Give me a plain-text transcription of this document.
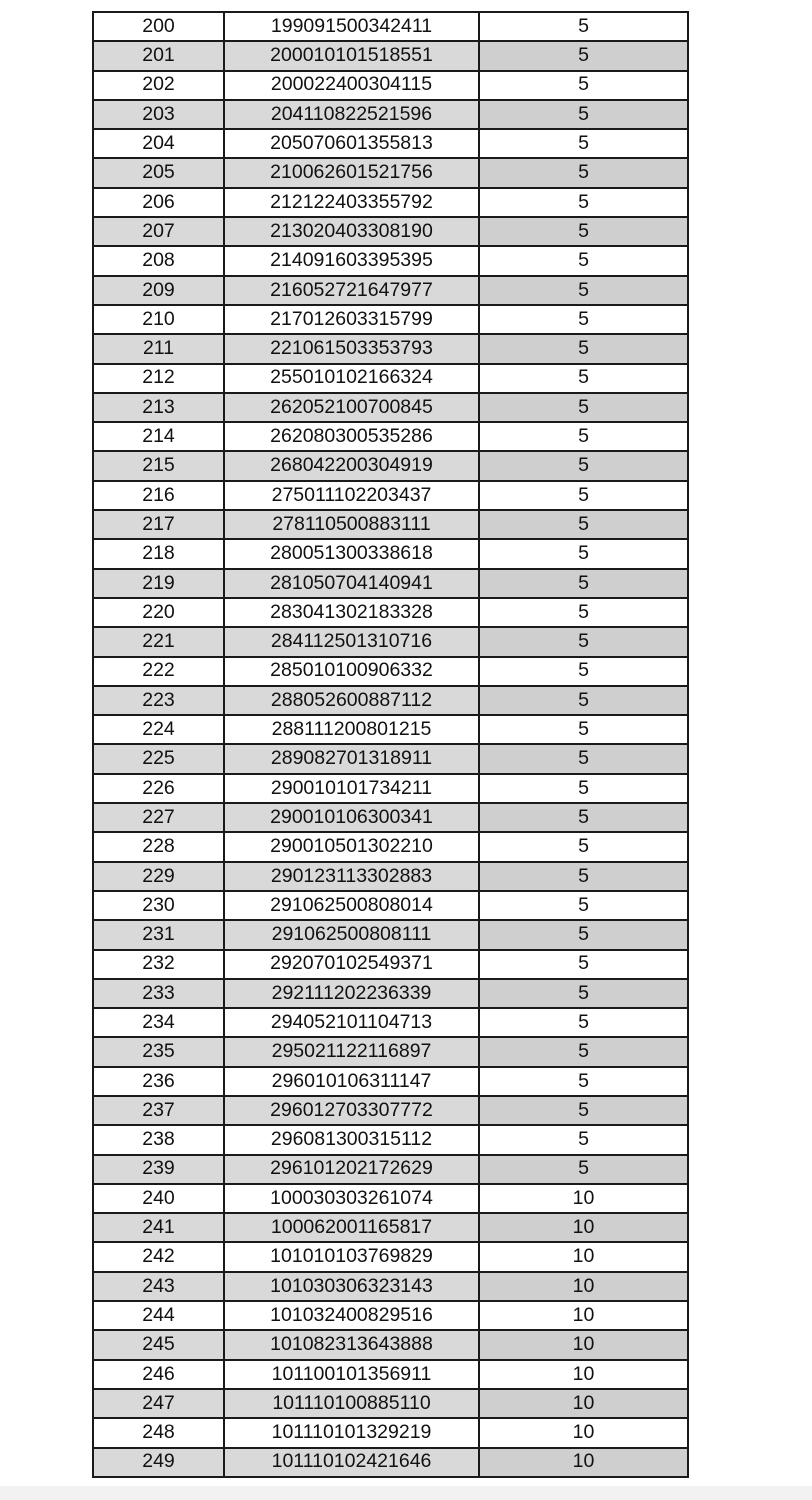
200	199091500342411	5
201	200010101518551	5
202	200022400304115	5
203	204110822521596	5
204	205070601355813	5
205	210062601521756	5
206	212122403355792	5
207	213020403308190	5
208	214091603395395	5
209	216052721647977	5
210	217012603315799	5
211	221061503353793	5
212	255010102166324	5
213	262052100700845	5
214	262080300535286	5
215	268042200304919	5
216	275011102203437	5
217	278110500883111	5
218	280051300338618	5
219	281050704140941	5
220	283041302183328	5
221	284112501310716	5
222	285010100906332	5
223	288052600887112	5
224	288111200801215	5
225	289082701318911	5
226	290010101734211	5
227	290010106300341	5
228	290010501302210	5
229	290123113302883	5
230	291062500808014	5
231	291062500808111	5
232	292070102549371	5
233	292111202236339	5
234	294052101104713	5
235	295021122116897	5
236	296010106311147	5
237	296012703307772	5
238	296081300315112	5
239	296101202172629	5
240	100030303261074	10
241	100062001165817	10
242	101010103769829	10
243	101030306323143	10
244	101032400829516	10
245	101082313643888	10
246	101100101356911	10
247	101110100885110	10
248	101110101329219	10
249	101110102421646	10
